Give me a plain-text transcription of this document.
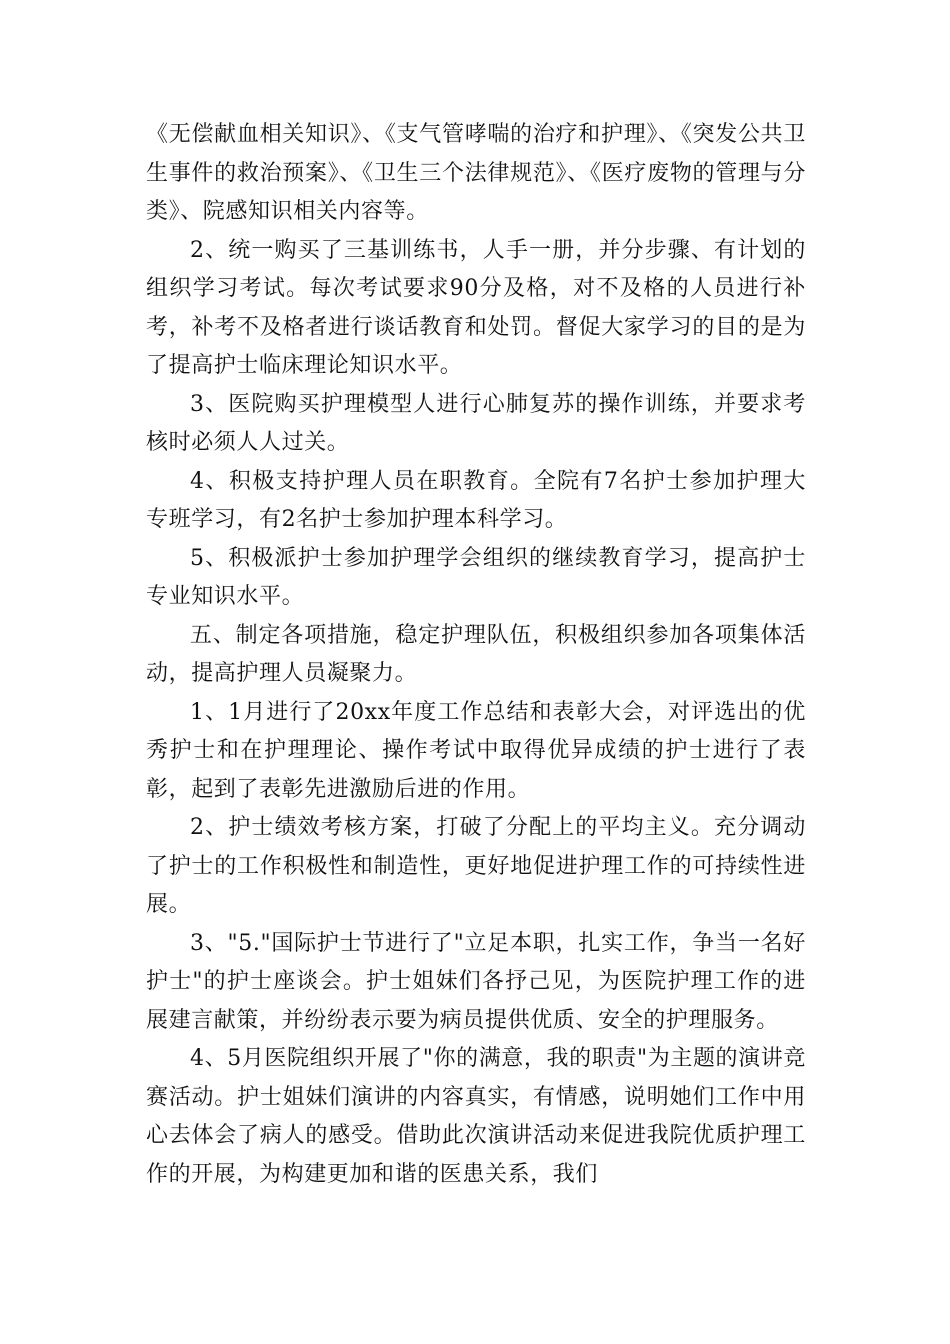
《无偿献血相关知识》、《支气管哮喘的治疗和护理》、《突发公共卫生事件的救治预案》、《卫生三个法律规范》、《医疗废物的管理与分类》、院感知识相关内容等。

2、统一购买了三基训练书，人手一册，并分步骤、有计划的组织学习考试。每次考试要求90分及格，对不及格的人员进行补考，补考不及格者进行谈话教育和处罚。督促大家学习的目的是为了提高护士临床理论知识水平。

3、医院购买护理模型人进行心肺复苏的操作训练，并要求考核时必须人人过关。

4、积极支持护理人员在职教育。全院有7名护士参加护理大专班学习，有2名护士参加护理本科学习。

5、积极派护士参加护理学会组织的继续教育学习，提高护士专业知识水平。

五、制定各项措施，稳定护理队伍，积极组织参加各项集体活动，提高护理人员凝聚力。

1、1月进行了20xx年度工作总结和表彰大会，对评选出的优秀护士和在护理理论、操作考试中取得优异成绩的护士进行了表彰，起到了表彰先进激励后进的作用。

2、护士绩效考核方案，打破了分配上的平均主义。充分调动了护士的工作积极性和制造性，更好地促进护理工作的可持续性进展。

3、"5."国际护士节进行了"立足本职，扎实工作，争当一名好护士"的护士座谈会。护士姐妹们各抒己见，为医院护理工作的进展建言献策，并纷纷表示要为病员提供优质、安全的护理服务。

4、5月医院组织开展了"你的满意，我的职责"为主题的演讲竞赛活动。护士姐妹们演讲的内容真实，有情感，说明她们工作中用心去体会了病人的感受。借助此次演讲活动来促进我院优质护理工作的开展，为构建更加和谐的医患关系，我们
